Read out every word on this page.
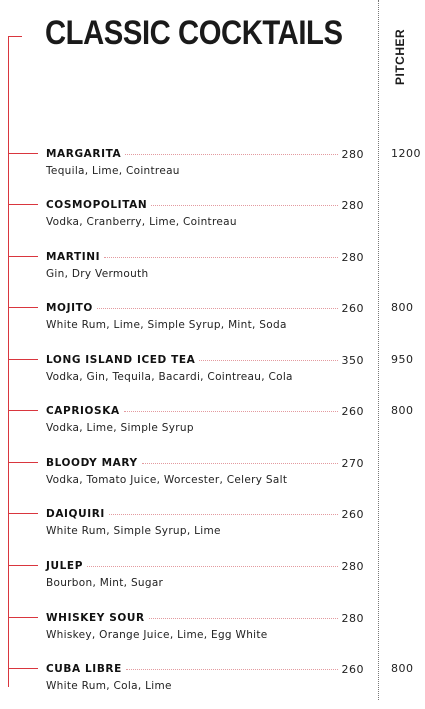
CLASSIC COCKTAILS	PITCHER
MARGARITA	280 1200
Tequila, Lime, Cointreau
COSMOPOLITAN	280
Vodka, Cranberry, Lime, Cointreau
MARTINI	280
Gin, Dry Vermouth
MOJITO	260 800
White Rum, Lime, Simple Syrup, Mint, Soda
LONG ISLAND ICED TEA	350 950
Vodka, Gin, Tequila, Bacardi, Cointreau, Cola
CAPRIOSKA	260 800
Vodka, Lime, Simple Syrup
BLOODY MARY	270
Vodka, Tomato Juice, Worcester, Celery Salt
DAIQUIRI	260
White Rum, Simple Syrup, Lime
JULEP	280
Bourbon, Mint, Sugar
WHISKEY SOUR	280
Whiskey, Orange Juice, Lime, Egg White
CUBA LIBRE	260 800
White Rum, Cola, Lime
